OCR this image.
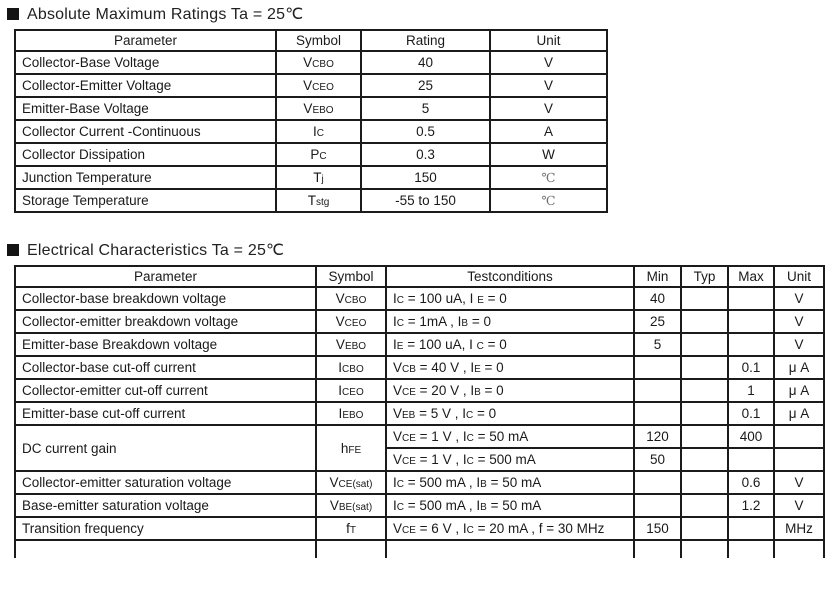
Absolute Maximum Ratings Ta = 25℃
Parameter	Symbol	Rating	Unit
Collector-Base Voltage	VCBO	40	V
Collector-Emitter Voltage	VCEO	25	V
Emitter-Base Voltage	VEBO	5	V
Collector Current -Continuous	IC	0.5	A
Collector Dissipation	PC	0.3	W
Junction Temperature	Tj	150	℃
Storage Temperature	Tstg	-55 to 150	℃
Electrical Characteristics Ta = 25℃
Parameter	Symbol	Testconditions	Min	Typ	Max	Unit
Collector-base breakdown voltage	VCBO	IC = 100 uA, I E = 0	40			V
Collector-emitter breakdown voltage	VCEO	IC = 1mA , IB = 0	25			V
Emitter-base Breakdown voltage	VEBO	IE = 100 uA, I C = 0	5			V
Collector-base cut-off current	ICBO	VCB = 40 V , IE = 0			0.1	μ A
Collector-emitter cut-off current	ICEO	VCE = 20 V , IB = 0			1	μ A
Emitter-base cut-off current	IEBO	VEB = 5 V , IC = 0			0.1	μ A
DC current gain	hFE	VCE = 1 V , IC = 50 mA	120		400	
		VCE = 1 V , IC = 500 mA	50			
Collector-emitter saturation voltage	VCE(sat)	IC = 500 mA , IB = 50 mA			0.6	V
Base-emitter saturation voltage	VBE(sat)	IC = 500 mA , IB = 50 mA			1.2	V
Transition frequency	fT	VCE = 6 V , IC = 20 mA , f = 30 MHz	150			MHz
